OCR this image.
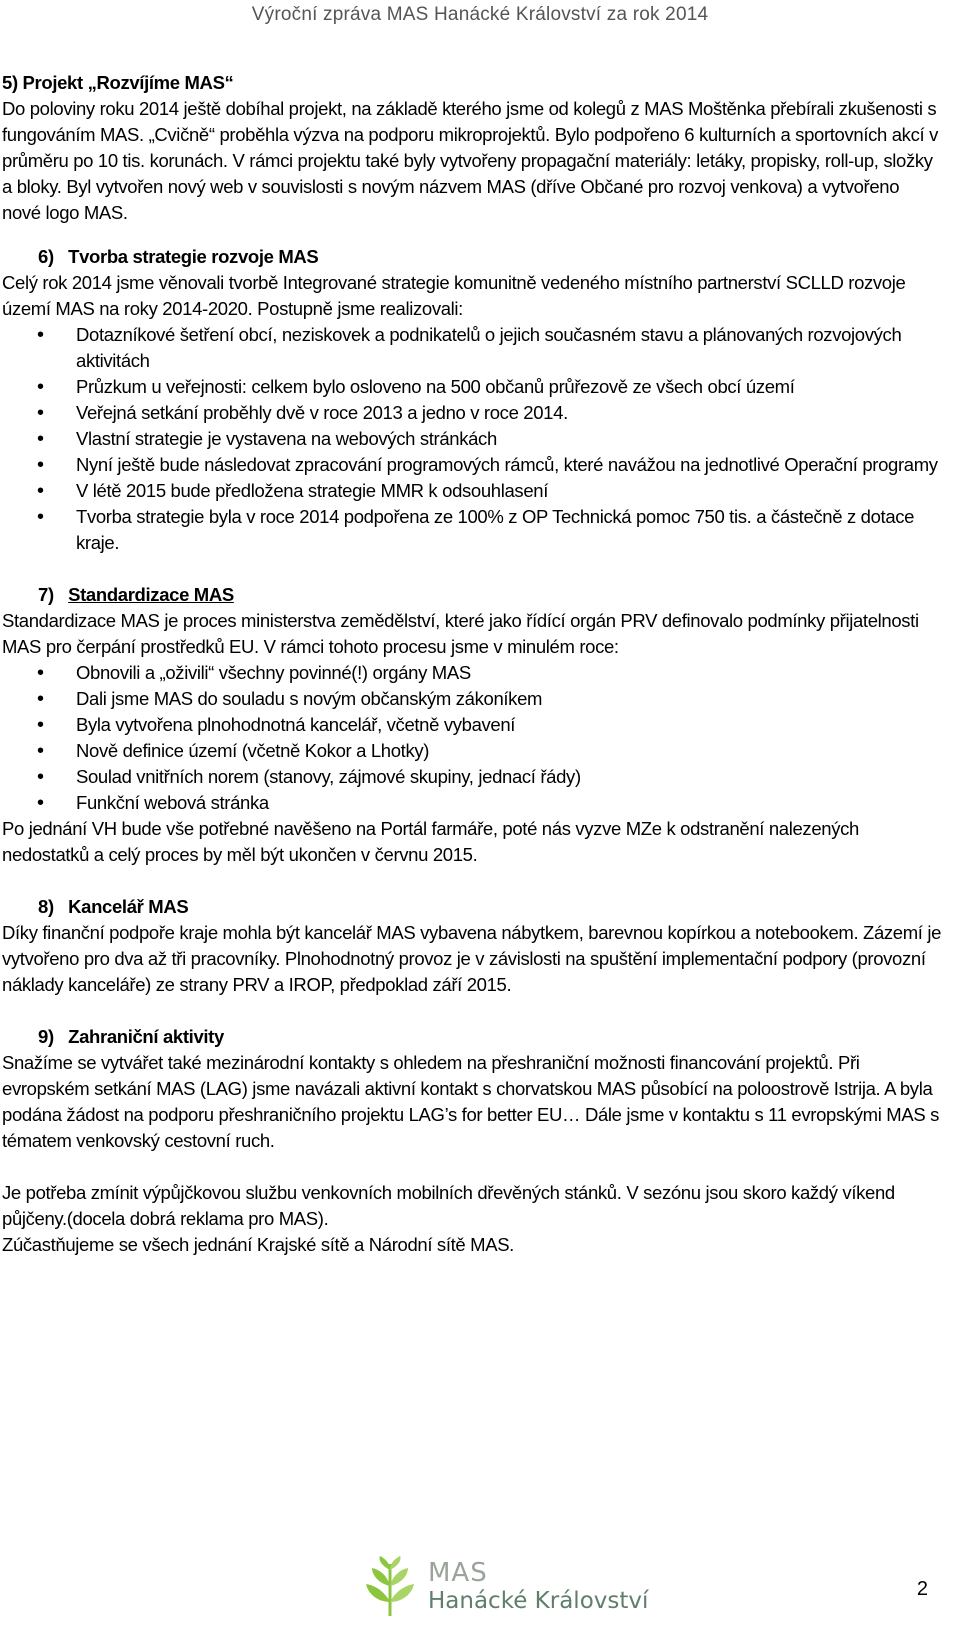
Výroční zpráva MAS Hanácké Království za rok 2014

5) Projekt „Rozvíjíme MAS“

Do poloviny roku 2014 ještě dobíhal projekt, na základě kterého jsme od kolegů z MAS Moštěnka přebírali zkušenosti s fungováním MAS. „Cvičně“ proběhla výzva na podporu mikroprojektů. Bylo podpořeno 6 kulturních a sportovních akcí v průměru po 10 tis. korunách. V rámci projektu také byly vytvořeny propagační materiály: letáky, propisky, roll-up, složky a bloky. Byl vytvořen nový web v souvislosti s novým názvem MAS (dříve Občané pro rozvoj venkova) a vytvořeno nové logo MAS.

6) Tvorba strategie rozvoje MAS

Celý rok 2014 jsme věnovali tvorbě Integrované strategie komunitně vedeného místního partnerství SCLLD rozvoje území MAS na roky 2014-2020. Postupně jsme realizovali:

• Dotazníkové šetření obcí, neziskovek a podnikatelů o jejich současném stavu a plánovaných rozvojových aktivitách
• Průzkum u veřejnosti: celkem bylo osloveno na 500 občanů průřezově ze všech obcí území
• Veřejná setkání proběhly dvě v roce 2013 a jedno v roce 2014.
• Vlastní strategie je vystavena na webových stránkách
• Nyní ještě bude následovat zpracování programových rámců, které navážou na jednotlivé Operační programy
• V létě 2015 bude předložena strategie MMR k odsouhlasení
• Tvorba strategie byla v roce 2014 podpořena ze 100% z OP Technická pomoc 750 tis. a částečně z dotace kraje.

7) Standardizace MAS

Standardizace MAS je proces ministerstva zemědělství, které jako řídící orgán PRV definovalo podmínky přijatelnosti MAS pro čerpání prostředků EU. V rámci tohoto procesu jsme v minulém roce:

• Obnovili a „oživili“ všechny povinné(!) orgány MAS
• Dali jsme MAS do souladu s novým občanským zákoníkem
• Byla vytvořena plnohodnotná kancelář, včetně vybavení
• Nově definice území (včetně Kokor a Lhotky)
• Soulad vnitřních norem (stanovy, zájmové skupiny, jednací řády)
• Funkční webová stránka

Po jednání VH bude vše potřebné navěšeno na Portál farmáře, poté nás vyzve MZe k odstranění nalezených nedostatků a celý proces by měl být ukončen v červnu 2015.

8) Kancelář MAS

Díky finanční podpoře kraje mohla být kancelář MAS vybavena nábytkem, barevnou kopírkou a notebookem. Zázemí je vytvořeno pro dva až tři pracovníky. Plnohodnotný provoz je v závislosti na spuštění implementační podpory (provozní náklady kanceláře) ze strany PRV a IROP, předpoklad září 2015.

9) Zahraniční aktivity

Snažíme se vytvářet také mezinárodní kontakty s ohledem na přeshraniční možnosti financování projektů. Při evropském setkání MAS (LAG) jsme navázali aktivní kontakt s chorvatskou MAS působící na poloostrově Istrija. A byla podána žádost na podporu přeshraničního projektu LAG’s for better EU… Dále jsme v kontaktu s 11 evropskými MAS s tématem venkovský cestovní ruch.

Je potřeba zmínit výpůjčkovou službu venkovních mobilních dřevěných stánků. V sezónu jsou skoro každý víkend půjčeny.(docela dobrá reklama pro MAS).

Zúčastňujeme se všech jednání Krajské sítě a Národní sítě MAS.

MAS
Hanácké Království	2
